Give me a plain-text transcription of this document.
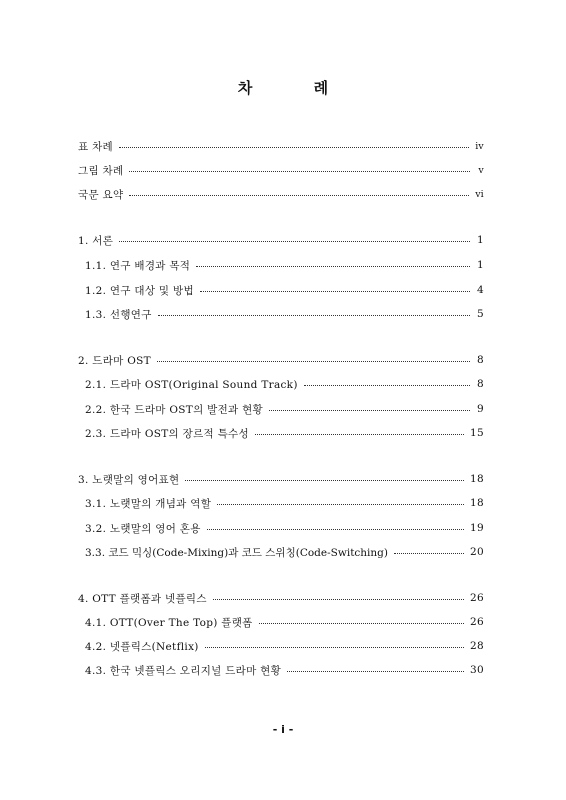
차 례
표 차례	ⅳ
그림 차례	ⅴ
국문 요약	ⅵ
1. 서론	1
1.1. 연구 배경과 목적	1
1.2. 연구 대상 및 방법	4
1.3. 선행연구	5
2. 드라마 OST	8
2.1. 드라마 OST(Original Sound Track)	8
2.2. 한국 드라마 OST의 발전과 현황	9
2.3. 드라마 OST의 장르적 특수성	15
3. 노랫말의 영어표현	18
3.1. 노랫말의 개념과 역할	18
3.2. 노랫말의 영어 혼용	19
3.3. 코드 믹싱(Code-Mixing)과 코드 스위칭(Code-Switching)	20
4. OTT 플랫폼과 넷플릭스	26
4.1. OTT(Over The Top) 플랫폼	26
4.2. 넷플릭스(Netflix)	28
4.3. 한국 넷플릭스 오리지널 드라마 현황	30
- i -
